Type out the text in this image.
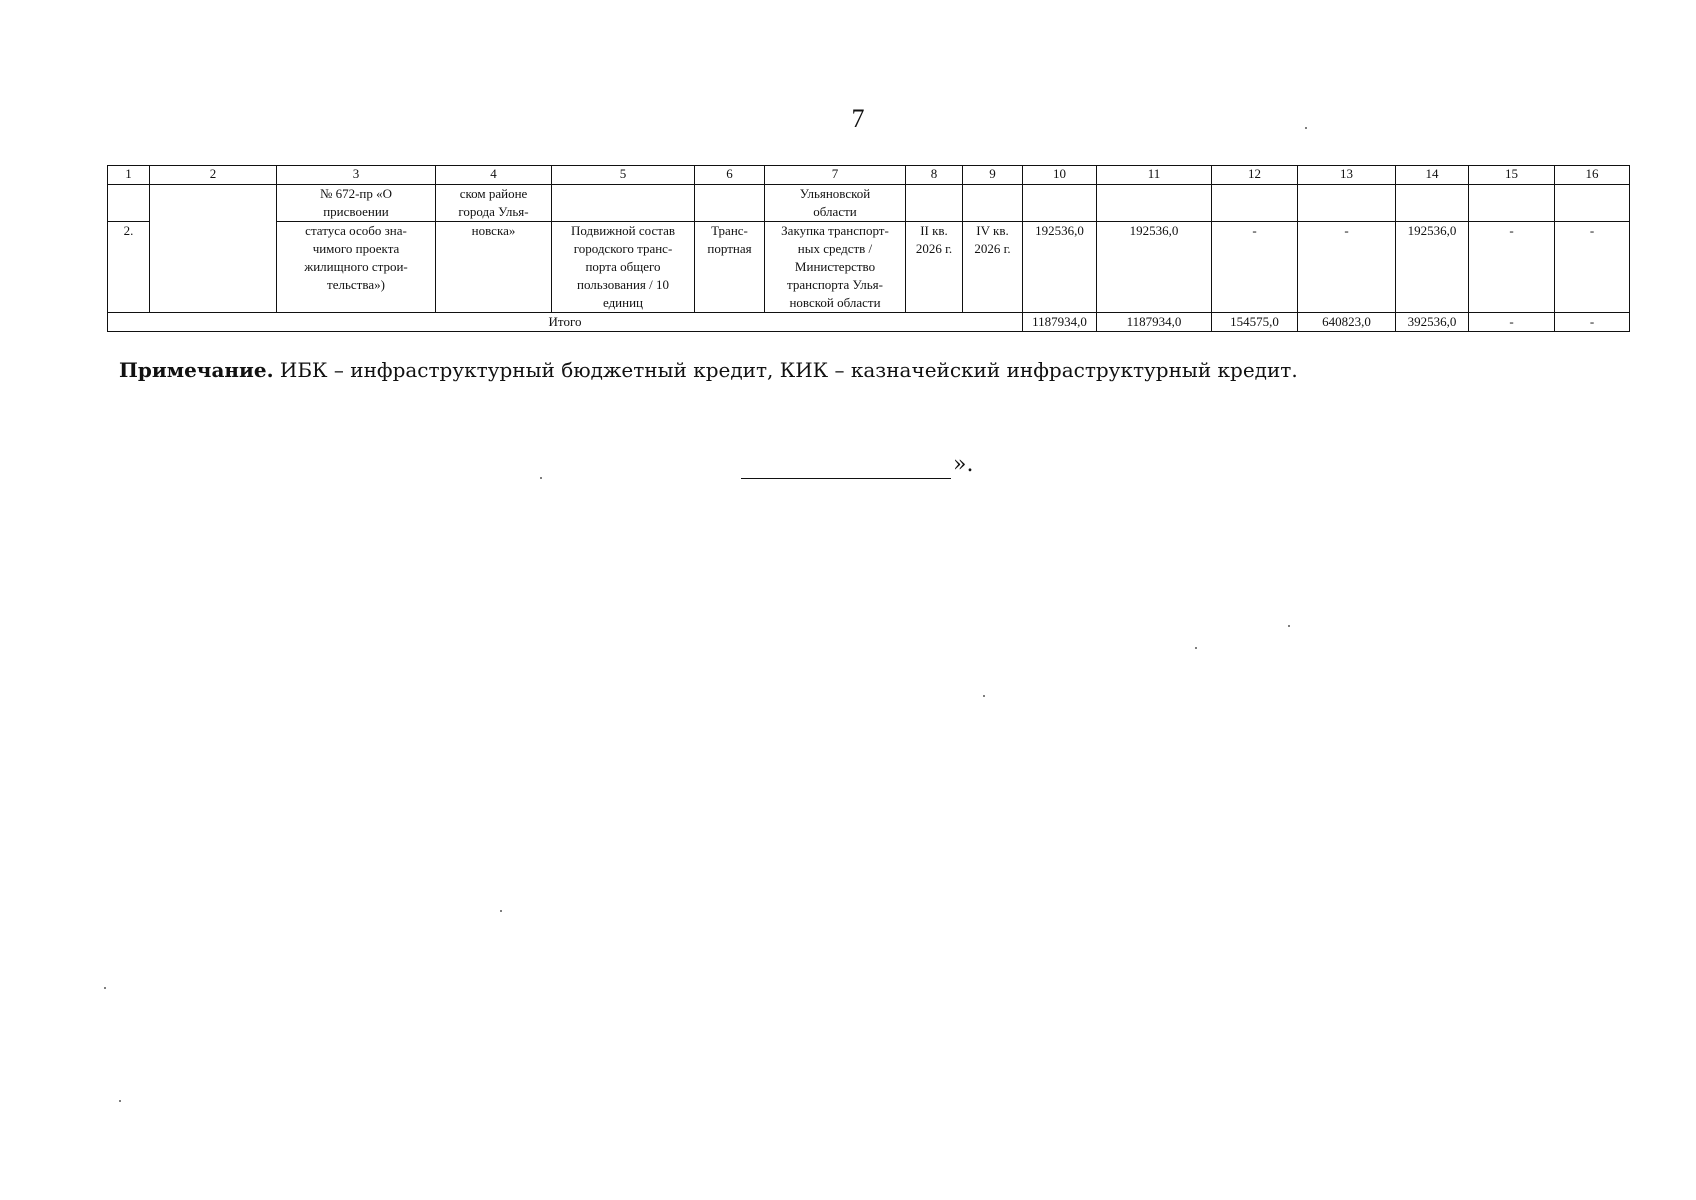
7
1	2	3	4	5	6	7	8	9	10	11	12	13	14	15	16
		№ 672-пр «О присвоении	ском районе города Улья-			Ульяновской области									
2.		статуса особо зна- чимого проекта жилищного строи- тельства»)	новска»	Подвижной состав городского транс- порта общего пользования / 10 единиц	Транс- портная	Закупка транспорт- ных средств / Министерство транспорта Улья- новской области	II кв. 2026 г.	IV кв. 2026 г.	192536,0	192536,0	-	-	192536,0	-	-
Итого									1187934,0	1187934,0	154575,0	640823,0	392536,0	-	-
Примечание. ИБК – инфраструктурный бюджетный кредит, КИК – казначейский инфраструктурный кредит.
».
